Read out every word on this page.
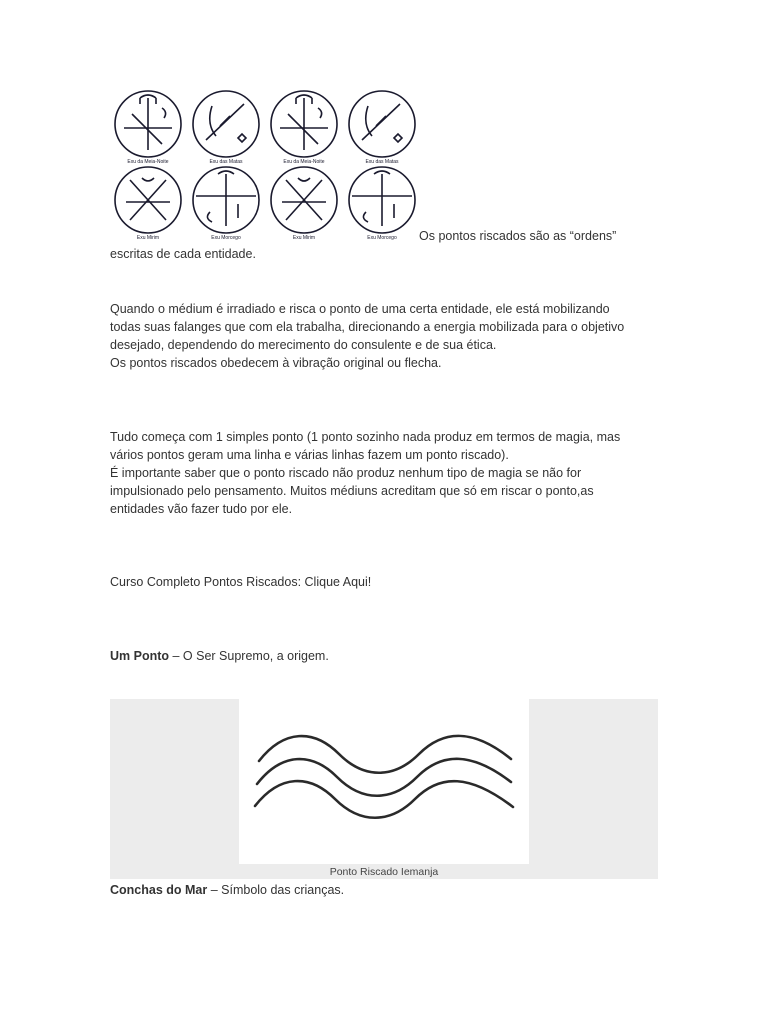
Exu da Meia-Noite	Exu das Matas	Exu da Meia-Noite	Exu das Matas
Exu Mirim	Exu Morcego	Exu Mirim	Exu Morcego Os pontos riscados são as “ordens”
escritas de cada entidade.

Quando o médium é irradiado e risca o ponto de uma certa entidade, ele está mobilizando
todas suas falanges que com ela trabalha, direcionando a energia mobilizada para o objetivo
desejado, dependendo do merecimento do consulente e de sua ética.
Os pontos riscados obedecem à vibração original ou flecha.

Tudo começa com 1 simples ponto (1 ponto sozinho nada produz em termos de magia, mas
vários pontos geram uma linha e várias linhas fazem um ponto riscado).
É importante saber que o ponto riscado não produz nenhum tipo de magia se não for
impulsionado pelo pensamento. Muitos médiuns acreditam que só em riscar o ponto,as
entidades vão fazer tudo por ele.

Curso Completo Pontos Riscados: Clique Aqui!

Um Ponto – O Ser Supremo, a origem.

Ponto Riscado Iemanja

Conchas do Mar – Símbolo das crianças.
